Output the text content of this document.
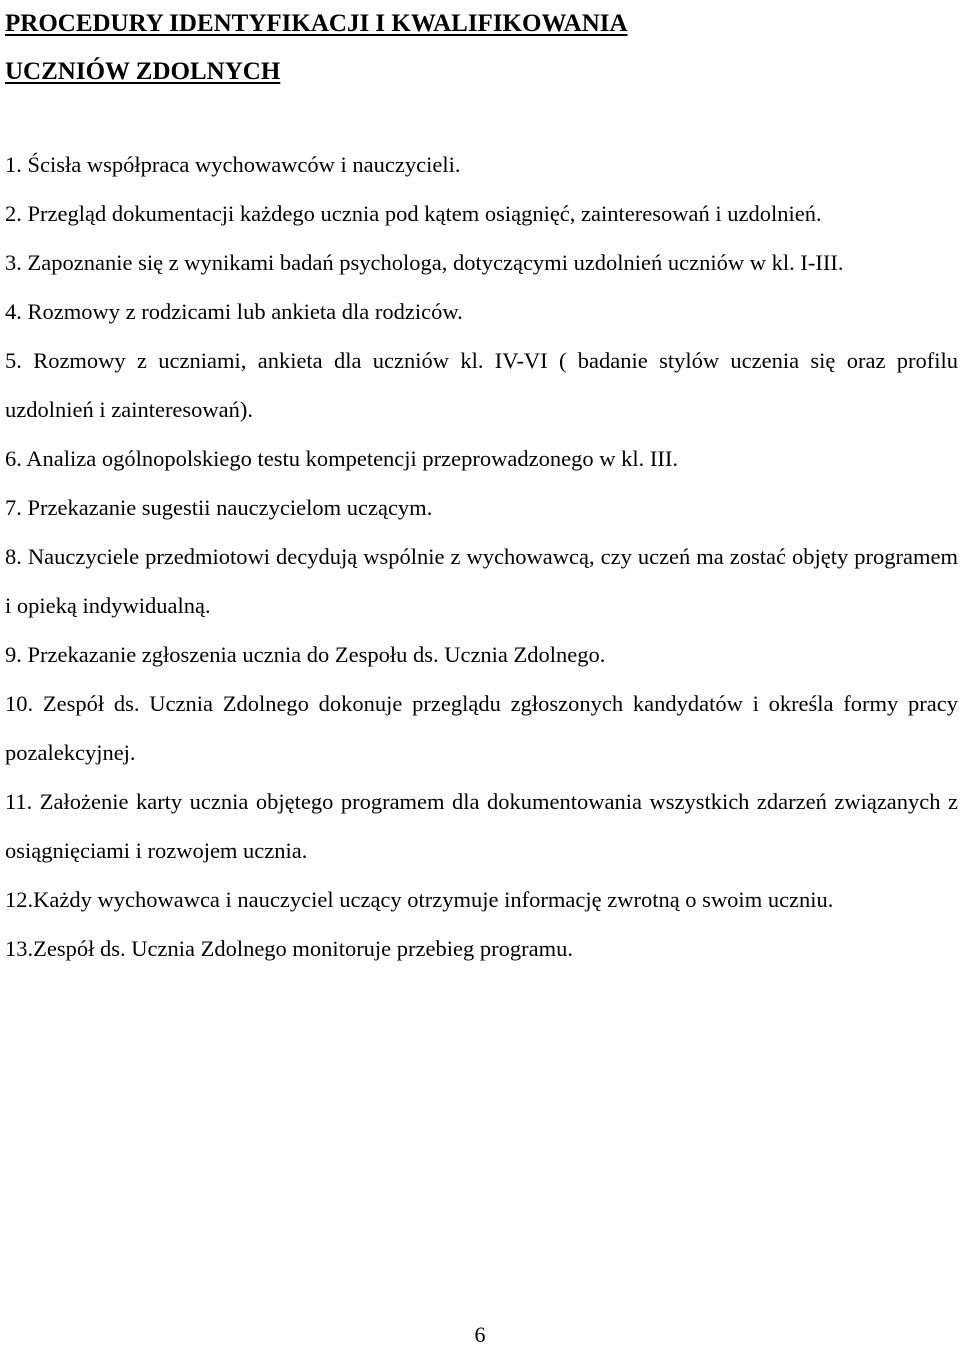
PROCEDURY IDENTYFIKACJI I KWALIFIKOWANIA
UCZNIÓW ZDOLNYCH
1. Ścisła współpraca wychowawców i nauczycieli.
2. Przegląd dokumentacji każdego ucznia pod kątem osiągnięć, zainteresowań i uzdolnień.
3. Zapoznanie się z wynikami badań psychologa, dotyczącymi uzdolnień uczniów w kl. I-III.
4. Rozmowy z rodzicami lub ankieta dla rodziców.
5. Rozmowy z uczniami, ankieta dla uczniów kl. IV-VI ( badanie stylów uczenia się oraz profilu uzdolnień i zainteresowań).
6. Analiza ogólnopolskiego testu kompetencji przeprowadzonego w kl. III.
7. Przekazanie sugestii nauczycielom uczącym.
8. Nauczyciele przedmiotowi decydują wspólnie z wychowawcą, czy uczeń ma zostać objęty programem i opieką indywidualną.
9. Przekazanie zgłoszenia ucznia do Zespołu ds. Ucznia Zdolnego.
10. Zespół ds. Ucznia Zdolnego dokonuje przeglądu zgłoszonych kandydatów i określa formy pracy pozalekcyjnej.
11. Założenie karty ucznia objętego programem dla dokumentowania wszystkich zdarzeń związanych z osiągnięciami i rozwojem ucznia.
12.Każdy wychowawca i nauczyciel uczący otrzymuje informację zwrotną o swoim uczniu.
13.Zespół ds. Ucznia Zdolnego monitoruje przebieg programu.
6
